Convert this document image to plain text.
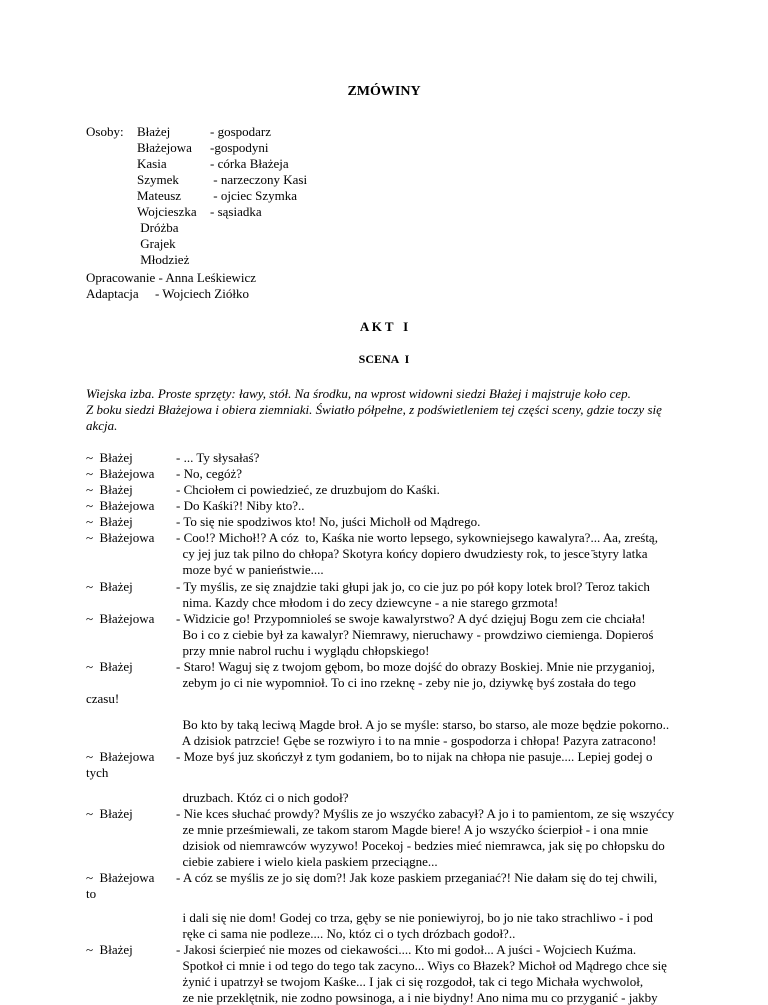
ZMÓWINY
Osoby: Błażej	- gospodarz
Błażejowa -gospodyni
Kasia	- córka Błażeja
Szymek - narzeczony Kasi
Mateusz - ojciec Szymka
Wojcieszka - sąsiadka
Dróżba
Grajek
Młodzież
Opracowanie - Anna Leśkiewicz
Adaptacja     - Wojciech Ziółko
A K T   I
SCENA  I
Wiejska izba. Proste sprzęty: ławy, stół. Na środku, na wprost widowni siedzi Błażej i majstruje koło cep.
Z boku siedzi Błażejowa i obiera ziemniaki. Światło półpełne, z podświetleniem tej części sceny, gdzie toczy się
akcja.
~  Błażej	- ... Ty słysałaś?
~  Błażejowa - No, cegóż?
~  Błażej	- Chciołem ci powiedzieć, ze druzbujom do Kaśki.
~  Błażejowa - Do Kaśki?! Niby kto?..
~  Błażej	- To się nie spodziwos kto! No, juści Micholł od Mądrego.
~  Błażejowa - Coo!? Michoł!? A cóz  to, Kaśka nie worto lepsego, sykowniejsego kawalyra?... Aa, zreśtą,
cy jej juz tak pilno do chłopa? Skotyra końcy dopiero dwudziesty rok, to jesce ̄styry latka
moze być w panieństwie....
~  Błażej	- Ty myślis, ze się znajdzie taki głupi jak jo, co cie juz po pół kopy lotek brol? Teroz takich
nima. Kazdy chce młodom i do zecy dziewcyne - a nie starego grzmota!
~  Błażejowa - Widzicie go! Przypomnioleś se swoje kawalyrstwo? A dyć dzięjuj Bogu zem cie chciała!
Bo i co z ciebie był za kawalyr? Niemrawy, nieruchawy - prowdziwo ciemienga. Dopieroś
przy mnie nabrol ruchu i wyglądu chłopskiego!
~  Błażej	- Staro! Waguj się z twojom gębom, bo moze dojść do obrazy Boskiej. Mnie nie przyganioj,
zebym jo ci nie wypomnioł. To ci ino rzeknę - zeby nie jo, dziywkę byś została do tego
czasu!
Bo kto by taką leciwą Magde broł. A jo se myśle: starso, bo starso, ale moze będzie pokorno..
A dzisiok patrzcie! Gębe se rozwiyro i to na mnie - gospodorza i chłopa! Pazyra zatracono!
~  Błażejowa - Moze byś juz skończył z tym godaniem, bo to nijak na chłopa nie pasuje.... Lepiej godej o
tych
druzbach. Któz ci o nich godoł?
~  Błażej	- Nie kces słuchać prowdy? Myślis ze jo wszyćko zabacył? A jo i to pamientom, ze się wszyćcy
ze mnie prześmiewali, ze takom starom Magde biere! A jo wszyćko ścierpioł - i ona mnie
dzisiok od niemrawców wyzywo! Pocekoj - bedzies mieć niemrawca, jak się po chłopsku do
ciebie zabiere i wielo kiela paskiem przeciągne...
~  Błażejowa - A cóz se myślis ze jo się dom?! Jak koze paskiem przeganiać?! Nie dałam się do tej chwili,
to
i dali się nie dom! Godej co trza, gęby se nie poniewiyroj, bo jo nie tako strachliwo - i pod
ręke ci sama nie podleze.... No, któz ci o tych drózbach godoł?..
~  Błażej	- Jakosi ścierpieć nie mozes od ciekawości.... Kto mi godoł... A juści - Wojciech Kuźma.
Spotkoł ci mnie i od tego do tego tak zacyno... Wiys co Błazek? Michoł od Mądrego chce się
żynić i upatrzył se twojom Kaśke... I jak ci się rozgodoł, tak ci tego Michała wychwoloł,
ze nie przeklętnik, nie zodno powsinoga, a i nie biydny! Ano nima mu co przyganić - jakby
